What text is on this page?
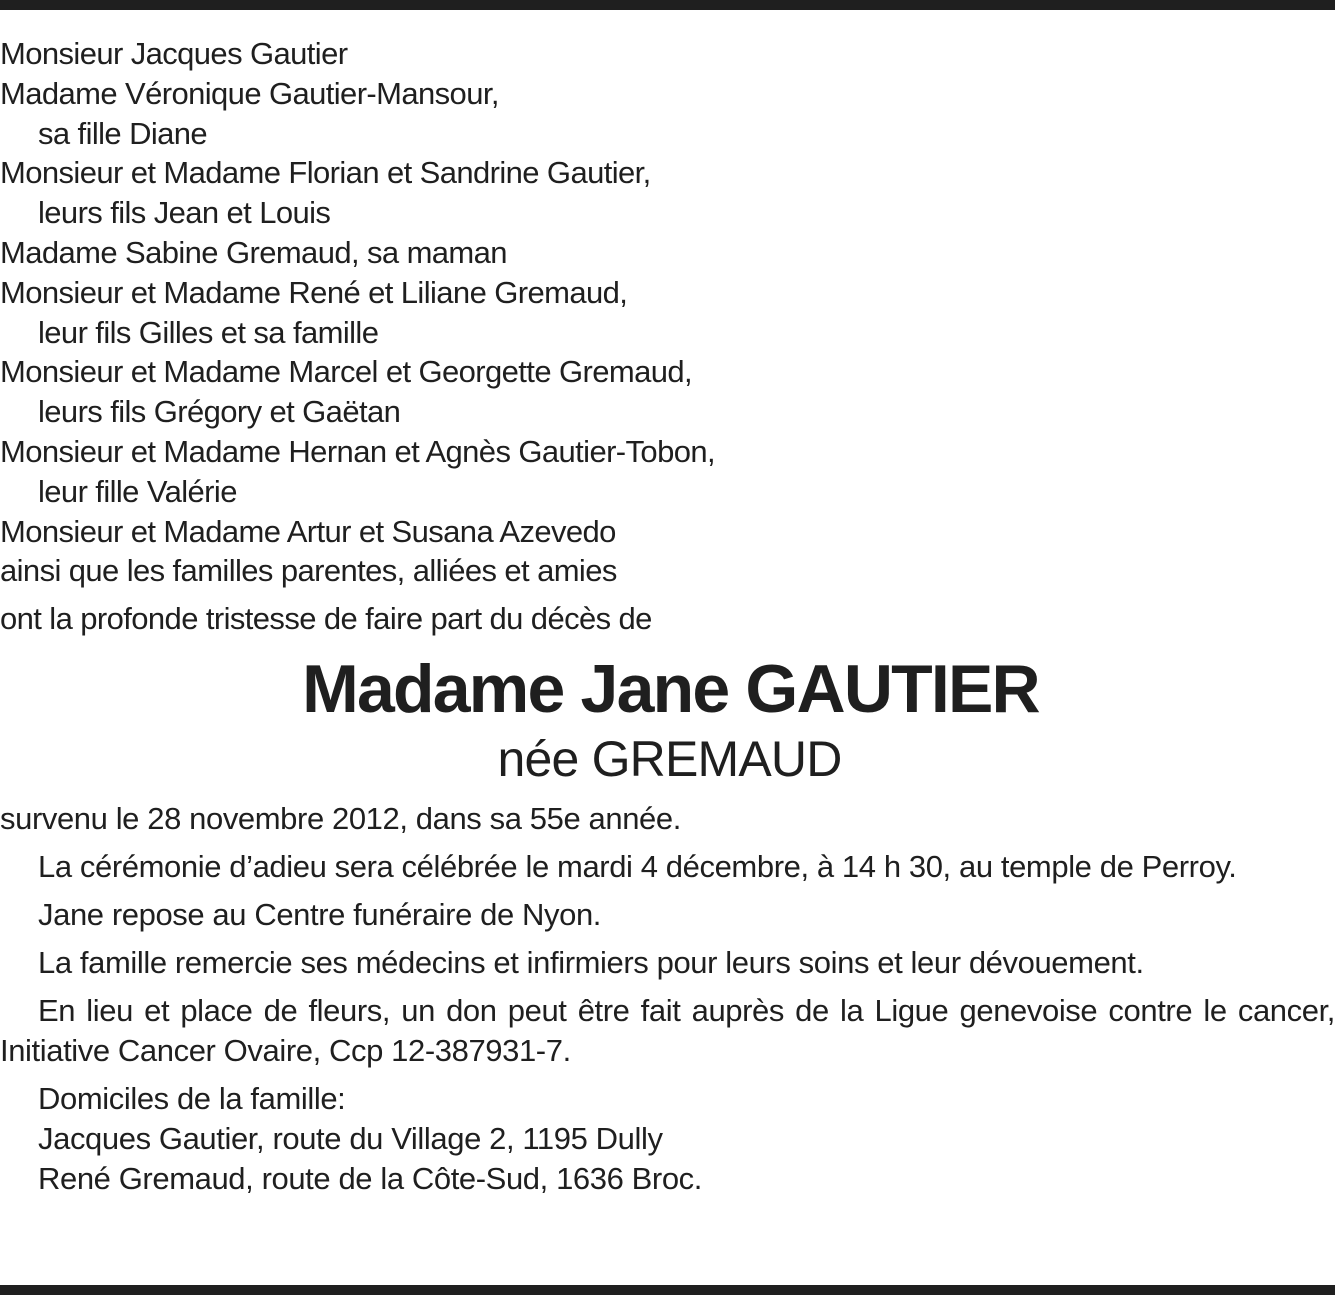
Monsieur Jacques Gautier
Madame Véronique Gautier-Mansour,
sa fille Diane
Monsieur et Madame Florian et Sandrine Gautier,
leurs fils Jean et Louis
Madame Sabine Gremaud, sa maman
Monsieur et Madame René et Liliane Gremaud,
leur fils Gilles et sa famille
Monsieur et Madame Marcel et Georgette Gremaud,
leurs fils Grégory et Gaëtan
Monsieur et Madame Hernan et Agnès Gautier-Tobon,
leur fille Valérie
Monsieur et Madame Artur et Susana Azevedo
ainsi que les familles parentes, alliées et amies
ont la profonde tristesse de faire part du décès de
Madame Jane GAUTIER
née GREMAUD
survenu le 28 novembre 2012, dans sa 55e année.
La cérémonie d’adieu sera célébrée le mardi 4 décembre, à 14 h 30, au temple de Perroy.
Jane repose au Centre funéraire de Nyon.
La famille remercie ses médecins et infirmiers pour leurs soins et leur dévouement.
En lieu et place de fleurs, un don peut être fait auprès de la Ligue genevoise contre le cancer, Initiative Cancer Ovaire, Ccp 12-387931-7.
Domiciles de la famille:
Jacques Gautier, route du Village 2, 1195 Dully
René Gremaud, route de la Côte-Sud, 1636 Broc.
